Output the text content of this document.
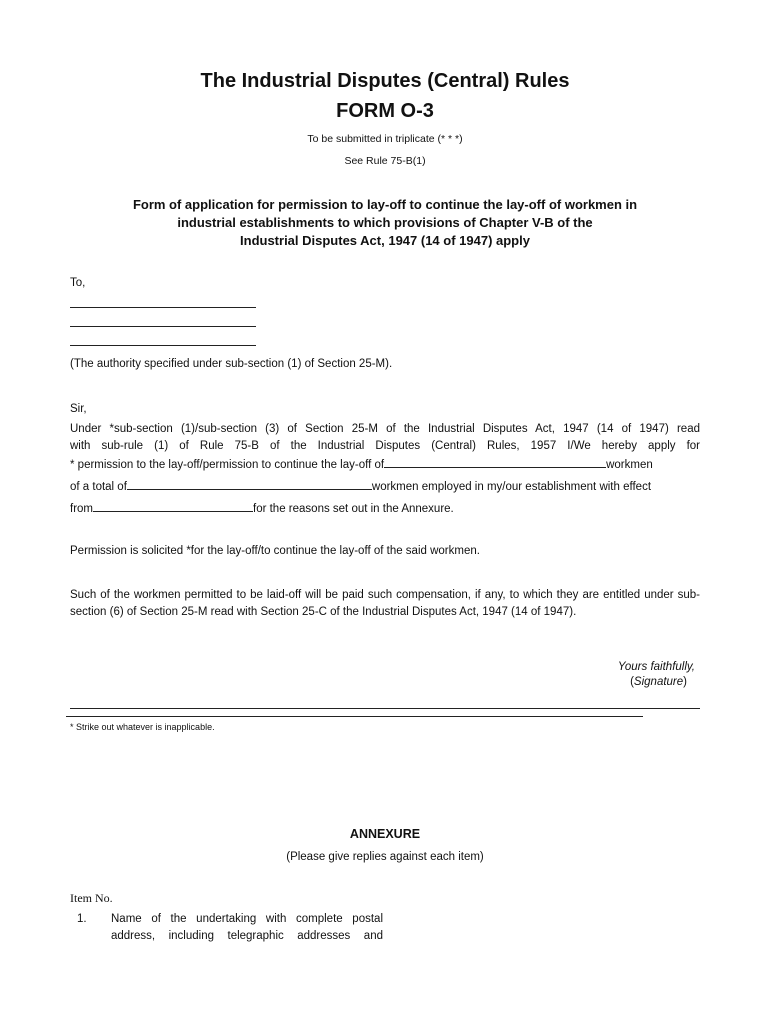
The Industrial Disputes (Central) Rules

FORM O-3

To be submitted in triplicate (* * *)

See Rule 75-B(1)

Form of application for permission to lay-off to continue the lay-off of workmen in
industrial establishments to which provisions of Chapter V-B of the
Industrial Disputes Act, 1947 (14 of 1947) apply

To,

(The authority specified under sub-section (1) of Section 25-M).

Sir,

Under *sub-section (1)/sub-section (3) of Section 25-M of the Industrial Disputes Act, 1947 (14 of 1947) read
with sub-rule (1) of Rule 75-B of the Industrial Disputes (Central) Rules, 1957 I/We hereby apply for
* permission to the lay-off/permission to continue the lay-off of	workmen
of a total of	workmen employed in my/our establishment with effect
from	for the reasons set out in the Annexure.

Permission is solicited *for the lay-off/to continue the lay-off of the said workmen.

Such of the workmen permitted to be laid-off will be paid such compensation, if any, to which they are entitled under sub-section (6) of Section 25-M read with Section 25-C of the Industrial Disputes Act, 1947 (14 of 1947).

Yours faithfully,

(Signature)

* Strike out whatever is inapplicable.

ANNEXURE

(Please give replies against each item)

Item No.

1. Name of the undertaking with complete postal
address, including telegraphic addresses and
